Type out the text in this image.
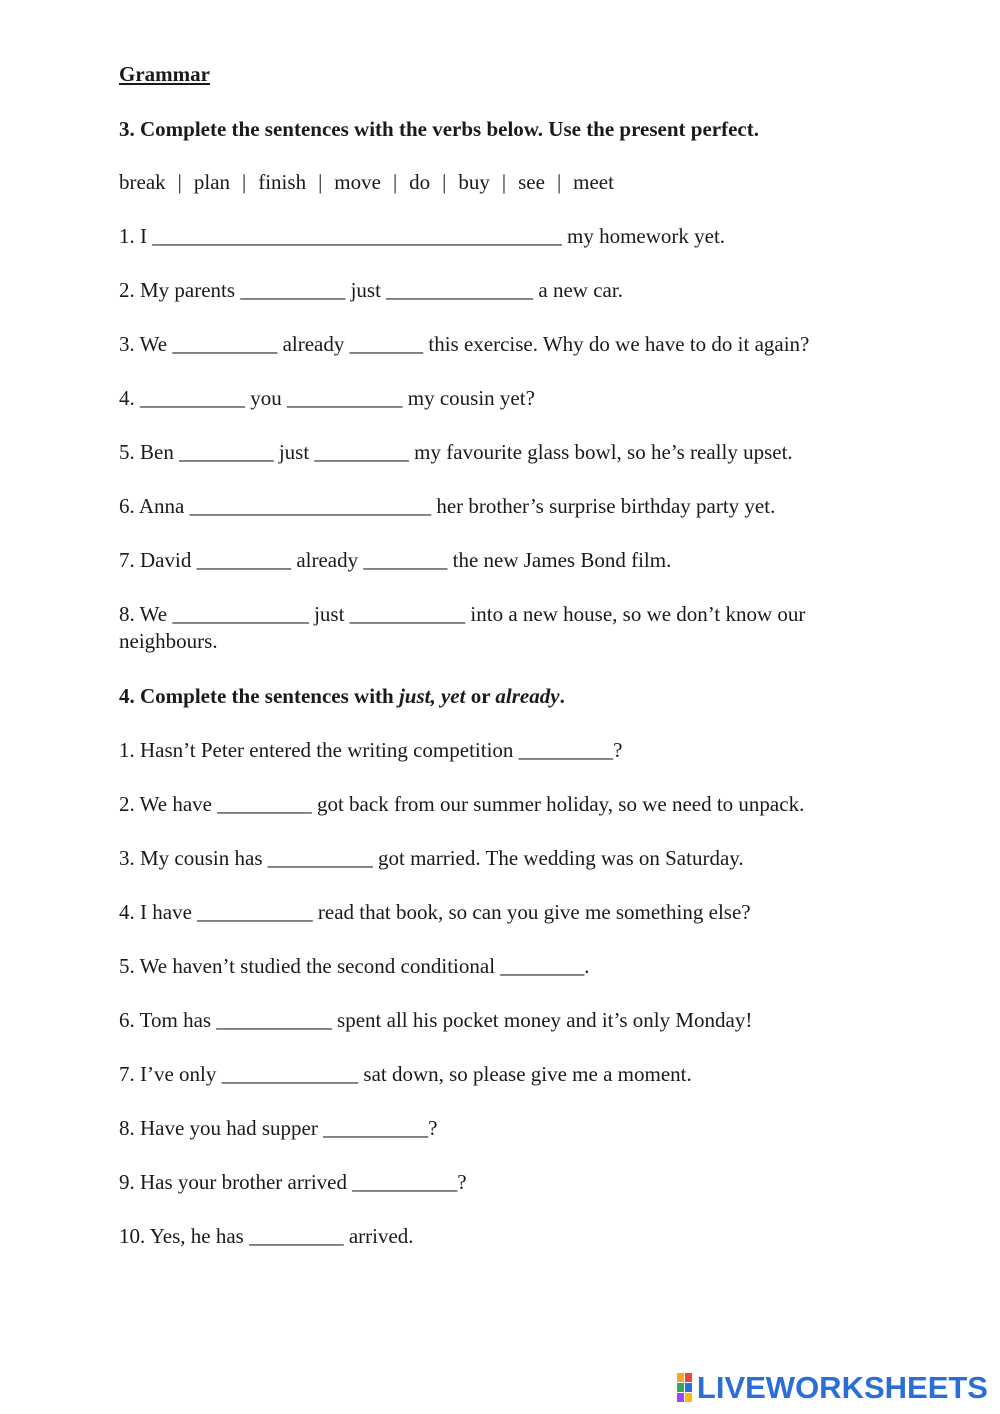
Grammar
3. Complete the sentences with the verbs below. Use the present perfect.
break | plan | finish | move | do | buy | see | meet
1. I _______________________________________ my homework yet.
2. My parents __________ just ______________ a new car.
3. We __________ already _______ this exercise. Why do we have to do it again?
4. __________ you ___________ my cousin yet?
5. Ben _________ just _________ my favourite glass bowl, so he’s really upset.
6. Anna _______________________ her brother’s surprise birthday party yet.
7. David _________ already ________ the new James Bond film.
8. We _____________ just ___________ into a new house, so we don’t know our neighbours.
4. Complete the sentences with just, yet or already.
1. Hasn’t Peter entered the writing competition _________?
2. We have _________ got back from our summer holiday, so we need to unpack.
3. My cousin has __________ got married. The wedding was on Saturday.
4. I have ___________ read that book, so can you give me something else?
5. We haven’t studied the second conditional ________.
6. Tom has ___________ spent all his pocket money and it’s only Monday!
7. I’ve only _____________ sat down, so please give me a moment.
8. Have you had supper __________?
9. Has your brother arrived __________?
10. Yes, he has _________ arrived.
LIVEWORKSHEETS
